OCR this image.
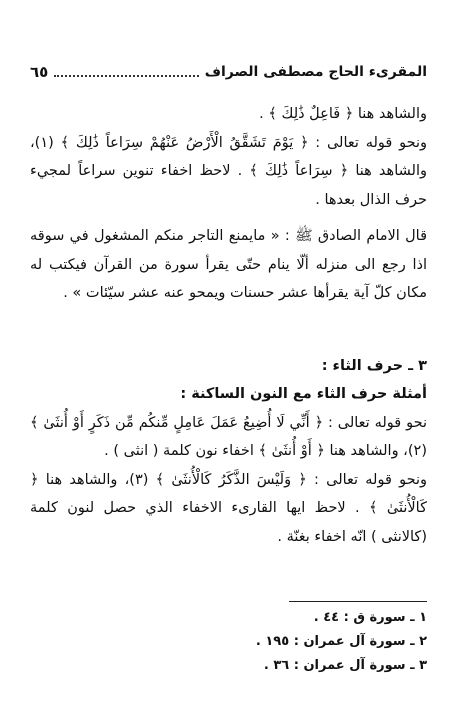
المقرىء الحاج مصطفى الصراف
٦٥

والشاهد هنا ﴿ فَاعِلٌ ذَٰلِكَ ﴾ .

ونحو قوله تعالى : ﴿ يَوْمَ تَشَقَّقُ الْأَرْضُ عَنْهُمْ سِرَاعاً ذَٰلِكَ ﴾ (١)، والشاهد هنا ﴿ سِرَاعاً ذَٰلِكَ ﴾ . لاحظ اخفاء تنوين سراعاً لمجيء حرف الذال بعدها .

قال الامام الصادق ﷺ : « مايمنع التاجر منكم المشغول في سوقه اذا رجع الى منزله ألّا ينام حتّى يقرأ سورة من القرآن فيكتب له مكان كلّ آية يقرأها عشر حسنات ويمحو عنه عشر سيّئات » .

٣ ـ حرف الثاء :

أمثلة حرف الثاء مع النون الساكنة :

نحو قوله تعالى : ﴿ أَنِّي لَا أُضِيعُ عَمَلَ عَامِلٍ مِّنكُم مِّن ذَكَرٍ أَوْ أُنثَىٰ ﴾(٢)، والشاهد هنا ﴿ أَوْ أُنثَىٰ ﴾ اخفاء نون كلمة ( انثى ) .

ونحو قوله تعالى : ﴿ وَلَيْسَ الذَّكَرُ كَالْأُنثَىٰ ﴾ (٣)، والشاهد هنا ﴿ كَالْأُنثَىٰ ﴾ . لاحظ ايها القارىء الاخفاء الذي حصل لنون كلمة (كالانثى ) انّه اخفاء بغنّة .

١ ـ سورة ق : ٤٤ .
٢ ـ سورة آل عمران : ١٩٥ .
٣ ـ سورة آل عمران : ٣٦ .
